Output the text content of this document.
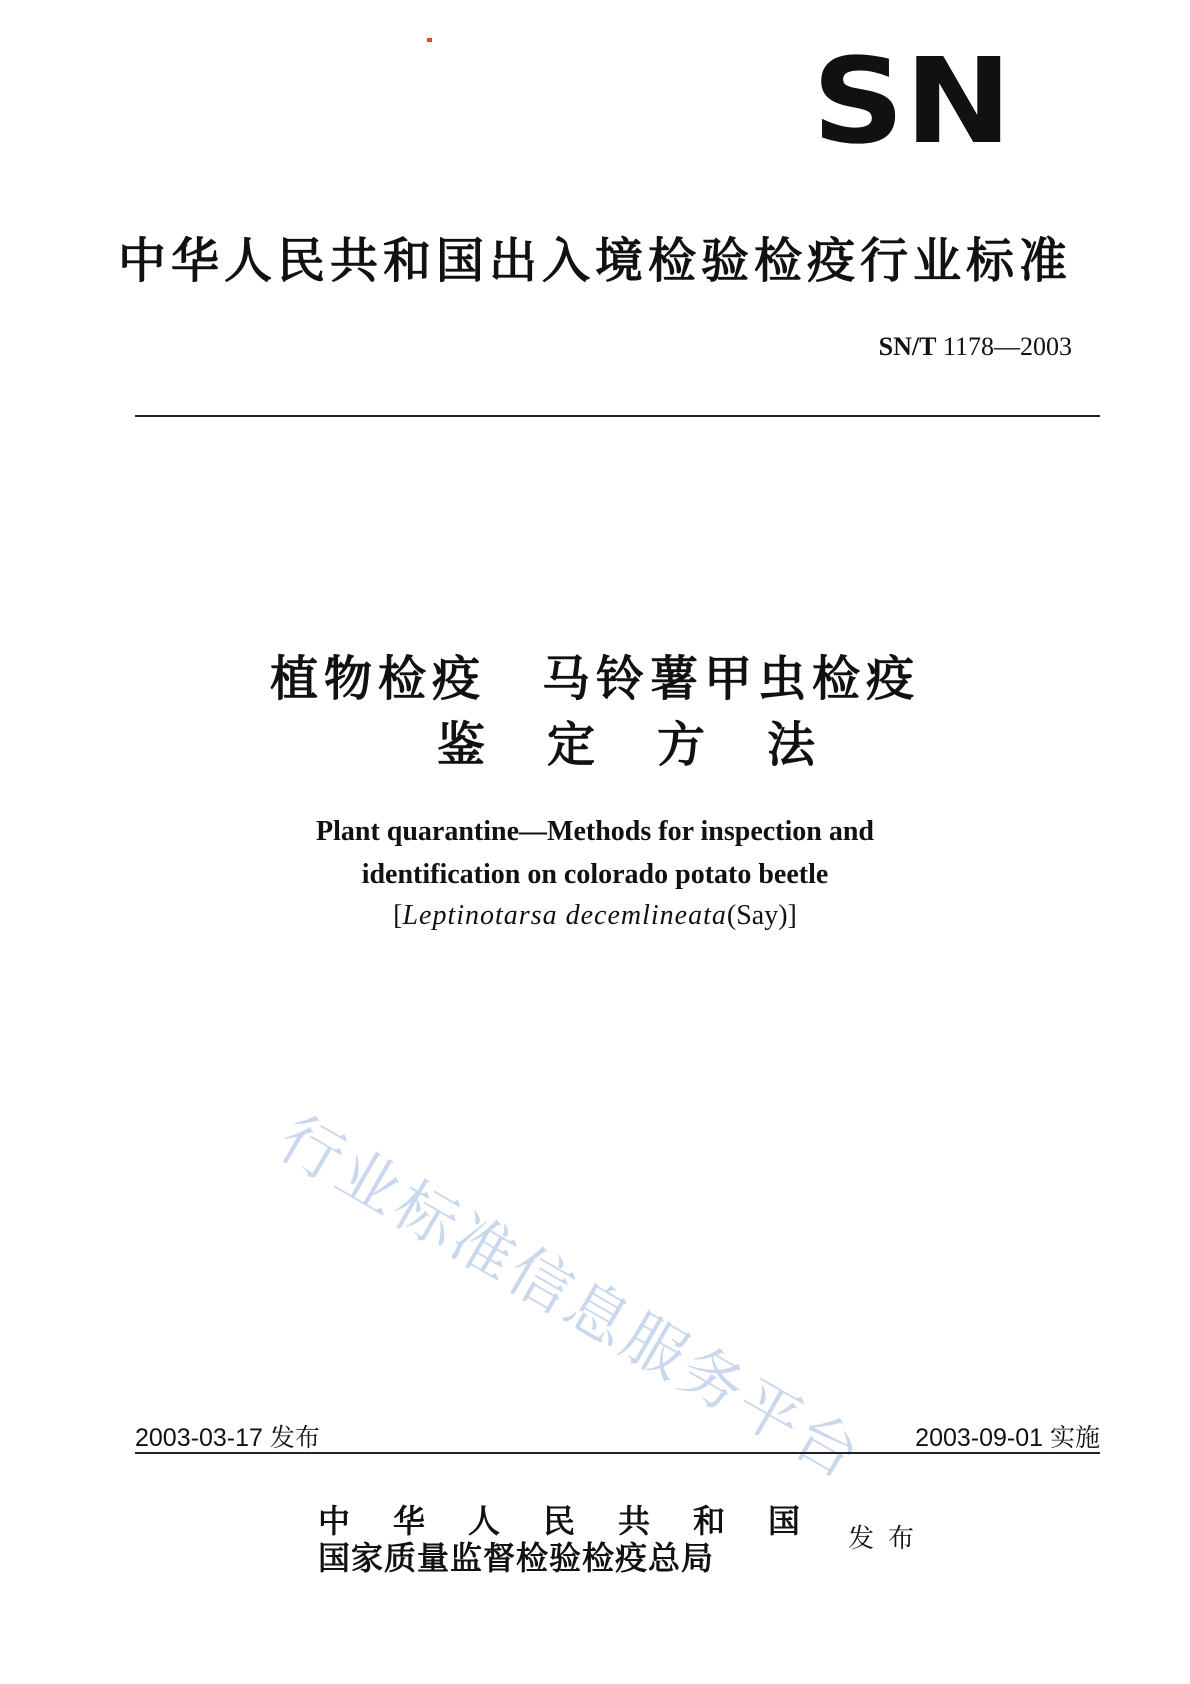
SN
中华人民共和国出入境检验检疫行业标准
SN/T 1178—2003
植物检疫 马铃薯甲虫检疫
鉴定方法
Plant quarantine—Methods for inspection and
identification on colorado potato beetle
[Leptinotarsa decemlineata(Say)]
行业标准信息服务平台
2003-03-17 发布	2003-09-01 实施
中华人民共和国
国家质量监督检验检疫总局	发布
